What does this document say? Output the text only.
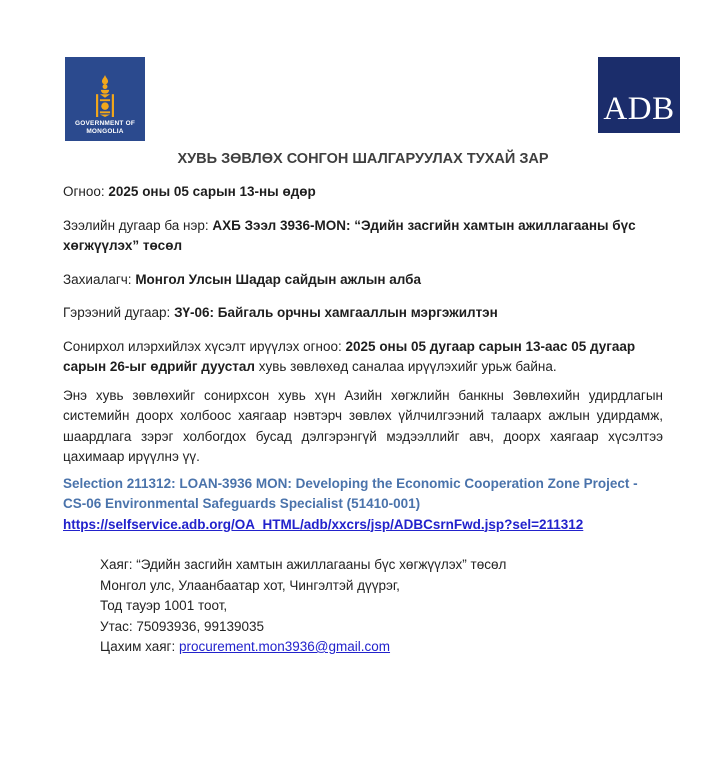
GOVERNMENT OF
MONGOLIA
ADB
ХУВЬ ЗӨВЛӨХ СОНГОН ШАЛГАРУУЛАХ ТУХАЙ ЗАР

Огноо: 2025 оны 05 сарын 13-ны өдөр

Зээлийн дугаар ба нэр: АХБ Зээл 3936-MON: “Эдийн засгийн хамтын ажиллагааны бүс хөгжүүлэх” төсөл

Захиалагч: Монгол Улсын Шадар сайдын ажлын алба

Гэрээний дугаар: ЗҮ-06: Байгаль орчны хамгааллын мэргэжилтэн

Сонирхол илэрхийлэх хүсэлт ирүүлэх огноо: 2025 оны 05 дугаар сарын 13-аас 05 дугаар сарын 26-ыг өдрийг дуустал хувь зөвлөхөд саналаа ирүүлэхийг урьж байна.

Энэ хувь зөвлөхийг сонирхсон хувь хүн Азийн хөгжлийн банкны Зөвлөхийн удирдлагын системийн доорх холбоос хаягаар нэвтэрч зөвлөх үйлчилгээний талаарх ажлын удирдамж, шаардлага зэрэг холбогдох бусад дэлгэрэнгүй мэдээллийг авч, доорх хаягаар хүсэлтээ цахимаар ирүүлнэ үү.

Selection 211312: LOAN-3936 MON: Developing the Economic Cooperation Zone Project - CS-06 Environmental Safeguards Specialist (51410-001)

https://selfservice.adb.org/OA_HTML/adb/xxcrs/jsp/ADBCsrnFwd.jsp?sel=211312
Хаяг: “Эдийн засгийн хамтын ажиллагааны бүс хөгжүүлэх” төсөл
Монгол улс, Улаанбаатар хот, Чингэлтэй дүүрэг,
Тод тауэр 1001 тоот,
Утас: 75093936, 99139035
Цахим хаяг: procurement.mon3936@gmail.com
